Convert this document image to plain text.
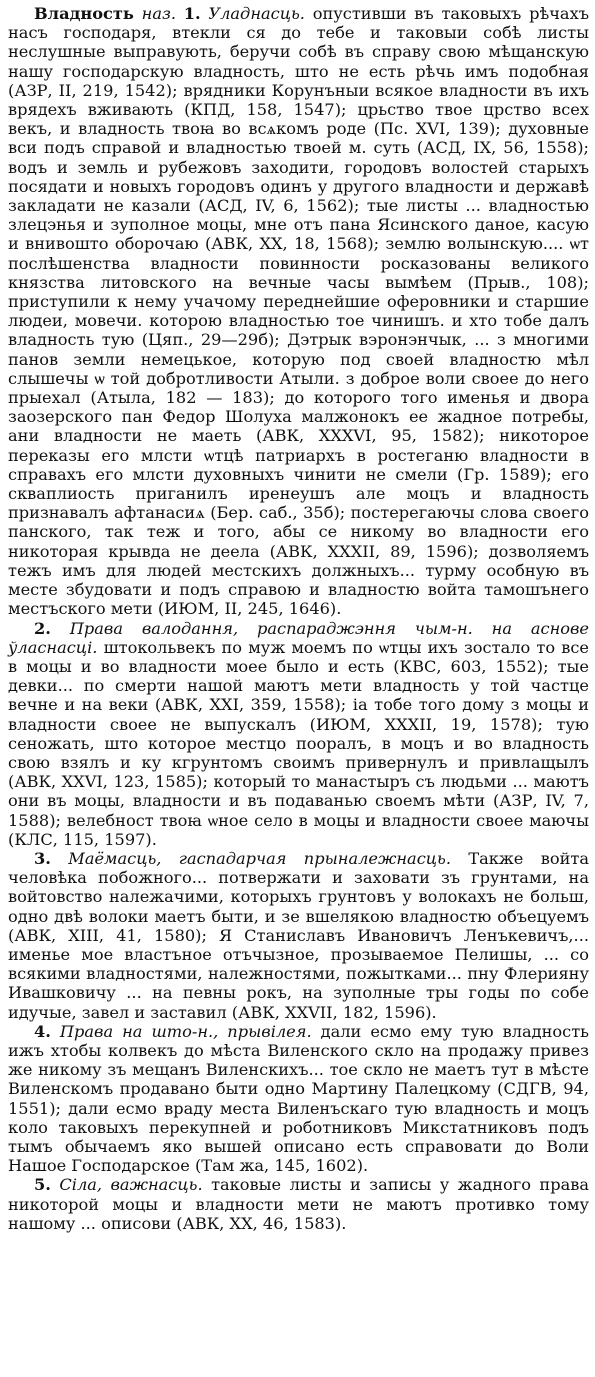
Владность наз. 1. Уладнасць. опустивши въ таковыхъ рѣчахъ насъ господаря, втекли ся до тебе и таковыи собѣ листы неслушные выправують, беручи собѣ въ справу свою мѣщанскую нашу господарскую владность, што не есть рѣчь имъ подобная (АЗР, II, 219, 1542); врядники Корунъныи всякое владности въ ихъ врядехъ вживають (КПД, 158, 1547); црьство твое црство всех векъ, и владность твоꙗ во всѧкомъ роде (Пс. XVI, 139); духовные вси подъ справой и владностью твоей м. суть (АСД, IX, 56, 1558); водъ и земль и рубежовъ заходити, городовъ волостей старыхъ посядати и новыхъ городовъ одинъ у другого владности и державѣ закладати не казали (АСД, IV, 6, 1562); тые листы ... владностью злецэнья и зуполное моцы, мне отъ пана Ясинского даное, касую и внивошто оборочаю (АВК, XX, 18, 1568); землю волынскую.... ѡт послѣшенства владности повинности росказованы великого князства литовского на вечные часы вымѣем (Прыв., 108); приступили к нему учачому переднейшие оферовники и старшие людеи, мовечи. которою владностью тое чинишъ. и хто тобе далъ владность тую (Цяп., 29—29б); Дэтрык вэронэнчык, ... з многими панов земли немецькое, которую под своей владностю мѣл слышечы ѡ той добротливости Атыли. з доброе воли своее до него прыехал (Атыла, 182 — 183); до которого того именья и двора заозерского пан Федор Шолуха малжонокъ ее жадное потребы, ани владности не маеть (АВК, XXXVI, 95, 1582); никоторое переказы его млсти ѡтцѣ патриархъ в ростеганю владности в справахъ его млсти духовныхъ чинити не смели (Гр. 1589); его скваплиость приганилъ иренеушъ але моцъ и владность признавалъ афтанасиѧ (Бер. саб., 35б); постерегаючы слова своего панского, так теж и того, абы се никому во владности его никоторая крывда не деела (АВК, XXXII, 89, 1596); дозволяемъ тежъ имъ для людей местскихъ должныхъ... турму особную въ месте збудовати и подъ справою и владностю войта тамошънего местъского мети (ИЮМ, II, 245, 1646).

2. Права валодання, распараджэння чым-н. на аснове ўласнасці. штокольвекъ по муж моемъ по ѡтцы ихъ зостало то все в моцы и во владности моее было и есть (КВС, 603, 1552); тые девки... по смерти нашой маютъ мети владность у той частце вечне и на веки (АВК, XXI, 359, 1558); іа тобе того дому з моцы и владности своее не выпускалъ (ИЮМ, XXXII, 19, 1578); тую сеножать, што которое местцо пооралъ, в моцъ и во владность свою взялъ и ку кгрунтомъ своимъ привернулъ и привлащылъ (АВК, XXVI, 123, 1585); который то манастыръ съ людьми ... маютъ они въ моцы, владности и въ подаванью своемъ мѣти (АЗР, IV, 7, 1588); велебност твоꙗ ѡное село в моцы и владности своее маючы (КЛС, 115, 1597).

3. Маёмасць, гаспадарчая прыналежнасць. Также войта человѣка побожного... потвержати и заховати зъ грунтами, на войтовство належачими, которыхъ грунтовъ у волокахъ не больш, одно двѣ волоки маетъ быти, и зе вшелякою владностю объецуемъ (АВК, XIII, 41, 1580); Я Станиславъ Ивановичъ Ленъкевичъ,... именье мое властъное отъчызное, прозываемое Пелишы, ... со всякими владностями, належностями, пожытками... пну Флерияну Ивашковичу ... на певны рокъ, на зуполные тры годы по собе идучые, завел и заставил (АВК, XXVII, 182, 1596).

4. Права на што-н., прывілея. дали есмо ему тую владность ижъ хтобы колвекъ до мѣста Виленского скло на продажу привез же никому зъ мещанъ Виленскихъ... тое скло не маетъ тут в мѣсте Виленскомъ продавано быти одно Мартину Палецкому (СДГВ, 94, 1551); дали есмо враду места Виленъскаго тую владность и моцъ коло таковыхъ перекупней и роботниковъ Микстатниковъ подъ тымъ обычаемъ яко вышей описано есть справовати до Воли Нашое Господарское (Там жа, 145, 1602).

5. Сіла, важнасць. таковые листы и записы у жадного права никоторой моцы и владности мети не маютъ противко тому нашому ... описови (АВК, XX, 46, 1583).
